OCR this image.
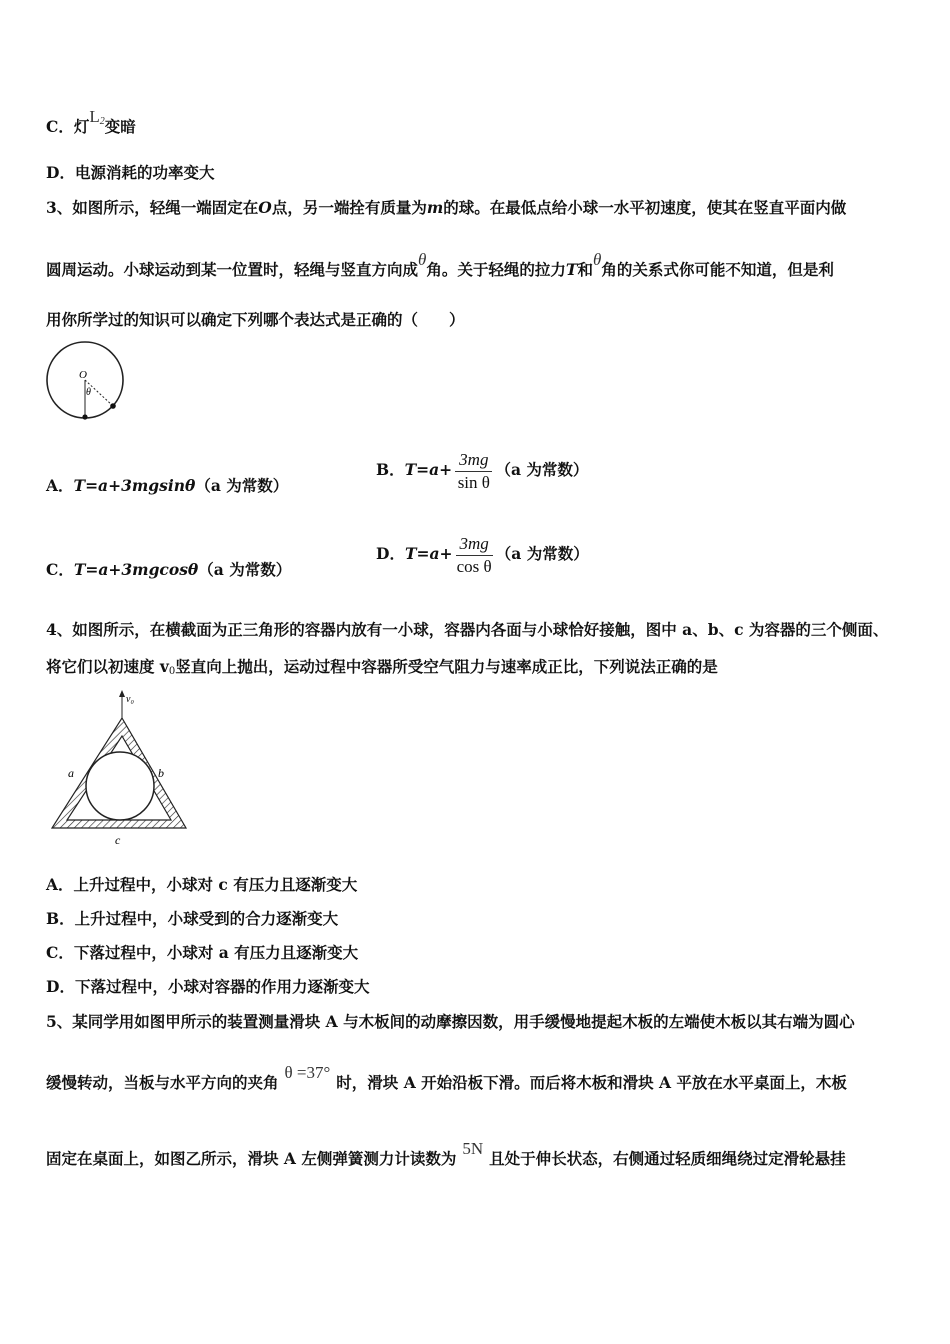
C．灯$L_2$变暗
D．电源消耗的功率变大
3、如图所示，轻绳一端固定在O点，另一端拴有质量为m的球。在最低点给小球一水平初速度，使其在竖直平面内做
圆周运动。小球运动到某一位置时，轻绳与竖直方向成θ角。关于轻绳的拉力T和θ角的关系式你可能不知道，但是利
用你所学过的知识可以确定下列哪个表达式是正确的（　　）
O
θ
A．T=a+3mgsinθ（a 为常数）
B．$T=a+ \frac{3mg}{\text{sin θ}} (a$ 为常数）
C．T=a+3mgcosθ（a 为常数）
D．$T=a+ \frac{3mg}{\text{cos θ}} (a$ 为常数）
4、如图所示，在横截面为正三角形的容器内放有一小球，容器内各面与小球恰好接触，图中 a、b、c 为容器的三个侧面、
将它们以初速度 $v_0$竖直向上抛出，运动过程中容器所受空气阻力与速率成正比，下列说法正确的是
v₀
a	b
c
A．上升过程中，小球对 c 有压力且逐渐变大
B．上升过程中，小球受到的合力逐渐变大
C．下落过程中，小球对 a 有压力且逐渐变大
D．下落过程中，小球对容器的作用力逐渐变大
5、某同学用如图甲所示的装置测量滑块 A 与木板间的动摩擦因数，用手缓慢地提起木板的左端使木板以其右端为圆心
缓慢转动，当板与水平方向的夹角θ =37°时，滑块 A 开始沿板下滑。而后将木板和滑块 A 平放在水平桌面上，木板
固定在桌面上，如图乙所示，滑块 A 左侧弹簧测力计读数为5N且处于伸长状态，右侧通过轻质细绳绕过定滑轮悬挂
